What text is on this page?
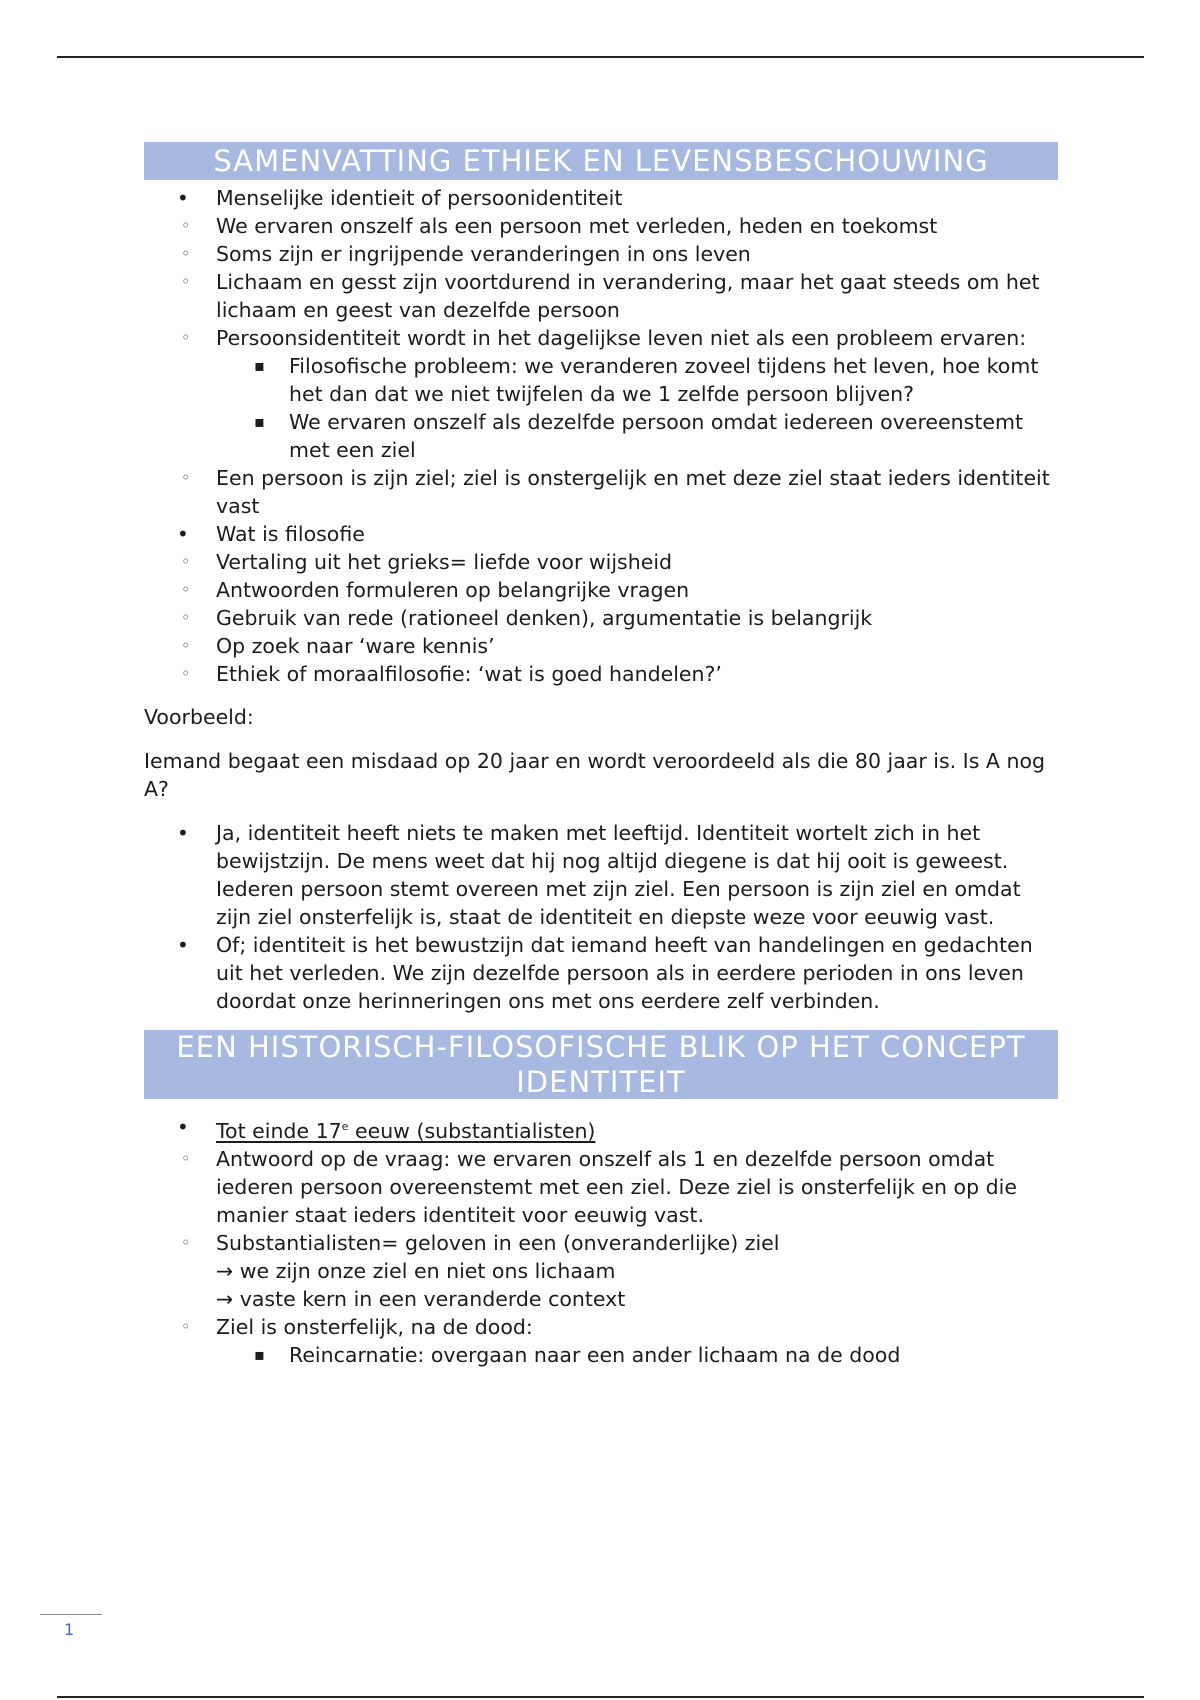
SAMENVATTING ETHIEK EN LEVENSBESCHOUWING
• Menselijke identieit of persoonidentiteit
◦ We ervaren onszelf als een persoon met verleden, heden en toekomst
◦ Soms zijn er ingrijpende veranderingen in ons leven
◦ Lichaam en gesst zijn voortdurend in verandering, maar het gaat steeds om het lichaam en geest van dezelfde persoon
◦ Persoonsidentiteit wordt in het dagelijkse leven niet als een probleem ervaren:
▪ Filosofische probleem: we veranderen zoveel tijdens het leven, hoe komt het dan dat we niet twijfelen da we 1 zelfde persoon blijven?
▪ We ervaren onszelf als dezelfde persoon omdat iedereen overeenstemt met een ziel
◦ Een persoon is zijn ziel; ziel is onstergelijk en met deze ziel staat ieders identiteit vast
• Wat is filosofie
◦ Vertaling uit het grieks= liefde voor wijsheid
◦ Antwoorden formuleren op belangrijke vragen
◦ Gebruik van rede (rationeel denken), argumentatie is belangrijk
◦ Op zoek naar ‘ware kennis’
◦ Ethiek of moraalfilosofie: ‘wat is goed handelen?’

Voorbeeld:

Iemand begaat een misdaad op 20 jaar en wordt veroordeeld als die 80 jaar is. Is A nog A?

• Ja, identiteit heeft niets te maken met leeftijd. Identiteit wortelt zich in het bewijstzijn. De mens weet dat hij nog altijd diegene is dat hij ooit is geweest. Iederen persoon stemt overeen met zijn ziel. Een persoon is zijn ziel en omdat zijn ziel onsterfelijk is, staat de identiteit en diepste weze voor eeuwig vast.
• Of; identiteit is het bewustzijn dat iemand heeft van handelingen en gedachten uit het verleden. We zijn dezelfde persoon als in eerdere perioden in ons leven doordat onze herinneringen ons met ons eerdere zelf verbinden.
EEN HISTORISCH-FILOSOFISCHE BLIK OP HET CONCEPT
IDENTITEIT
• Tot einde 17e eeuw (substantialisten)
◦ Antwoord op de vraag: we ervaren onszelf als 1 en dezelfde persoon omdat iederen persoon overeenstemt met een ziel. Deze ziel is onsterfelijk en op die manier staat ieders identiteit voor eeuwig vast.
◦ Substantialisten= geloven in een (onveranderlijke) ziel
→ we zijn onze ziel en niet ons lichaam
→ vaste kern in een veranderde context
◦ Ziel is onsterfelijk, na de dood:
▪ Reincarnatie: overgaan naar een ander lichaam na de dood
1
